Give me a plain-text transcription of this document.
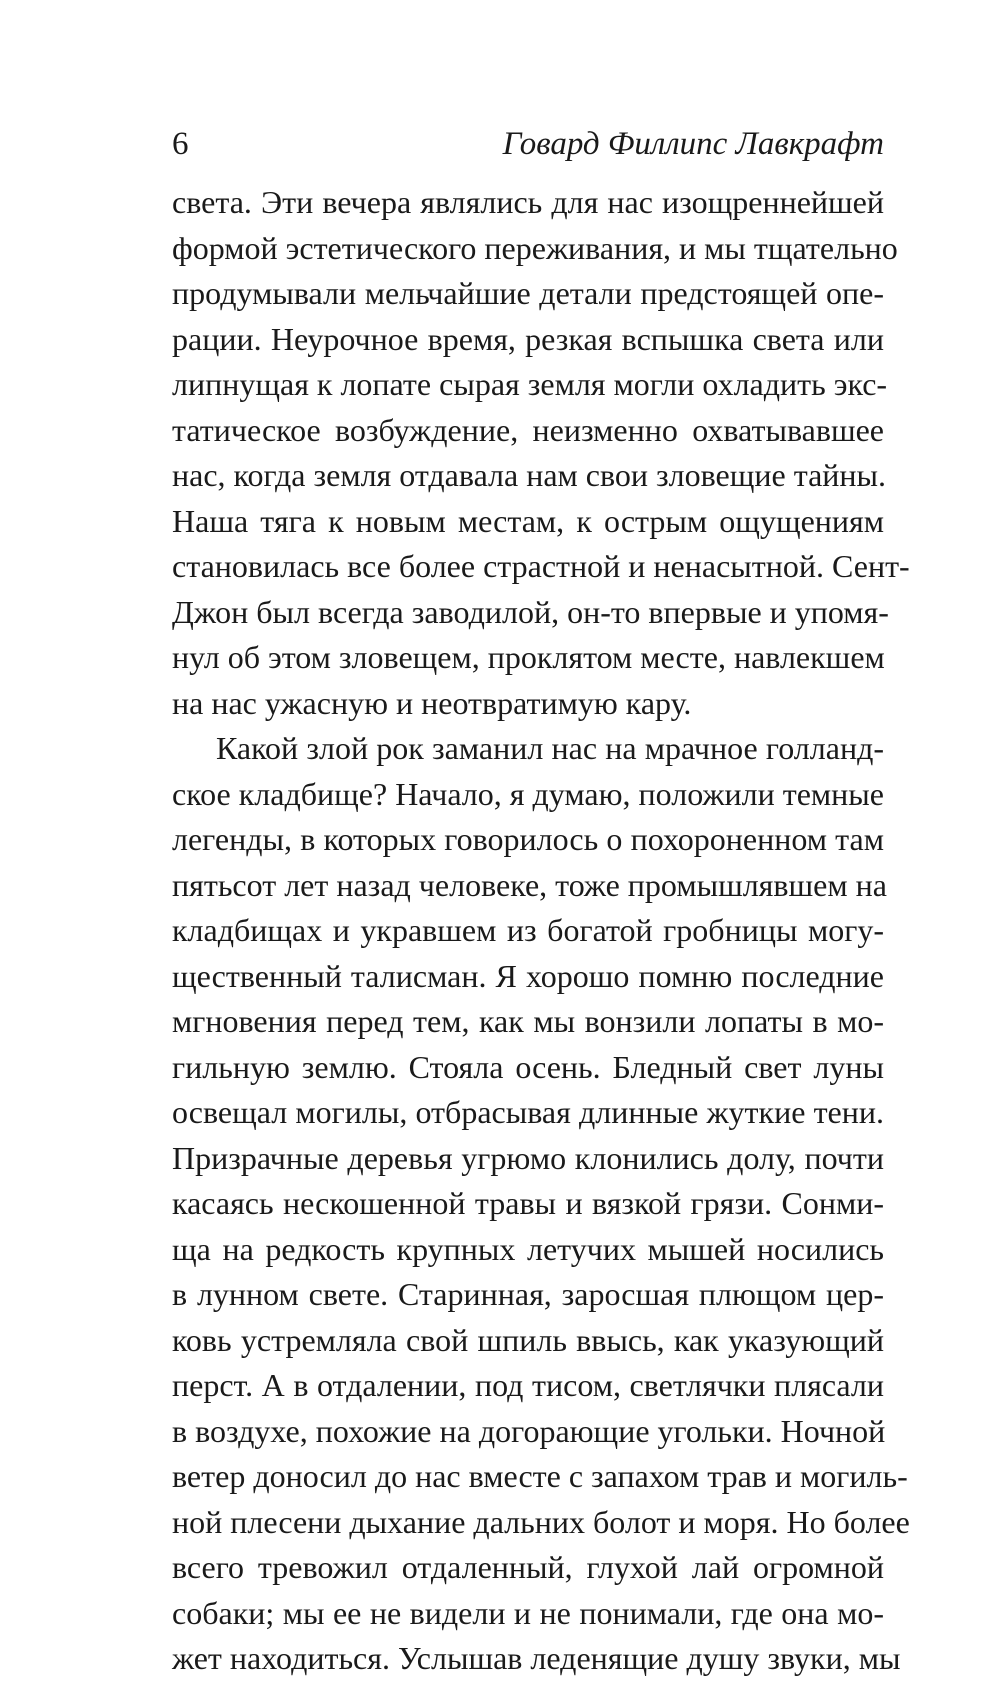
6	Говард Филлипс Лавкрафт
света. Эти вечера являлись для нас изощреннейшей
формой эстетического переживания, и мы тщательно
продумывали мельчайшие детали предстоящей опе-
рации. Неурочное время, резкая вспышка света или
липнущая к лопате сырая земля могли охладить экс-
татическое возбуждение, неизменно охватывавшее
нас, когда земля отдавала нам свои зловещие тайны.
Наша тяга к новым местам, к острым ощущениям
становилась все более страстной и ненасытной. Сент-
Джон был всегда заводилой, он-то впервые и упомя-
нул об этом зловещем, проклятом месте, навлекшем
на нас ужасную и неотвратимую кару.
Какой злой рок заманил нас на мрачное голланд-
ское кладбище? Начало, я думаю, положили темные
легенды, в которых говорилось о похороненном там
пятьсот лет назад человеке, тоже промышлявшем на
кладбищах и укравшем из богатой гробницы могу-
щественный талисман. Я хорошо помню последние
мгновения перед тем, как мы вонзили лопаты в мо-
гильную землю. Стояла осень. Бледный свет луны
освещал могилы, отбрасывая длинные жуткие тени.
Призрачные деревья угрюмо клонились долу, почти
касаясь нескошенной травы и вязкой грязи. Сонми-
ща на редкость крупных летучих мышей носились
в лунном свете. Старинная, заросшая плющом цер-
ковь устремляла свой шпиль ввысь, как указующий
перст. А в отдалении, под тисом, светлячки плясали
в воздухе, похожие на догорающие угольки. Ночной
ветер доносил до нас вместе с запахом трав и могиль-
ной плесени дыхание дальних болот и моря. Но более
всего тревожил отдаленный, глухой лай огромной
собаки; мы ее не видели и не понимали, где она мо-
жет находиться. Услышав леденящие душу звуки, мы
